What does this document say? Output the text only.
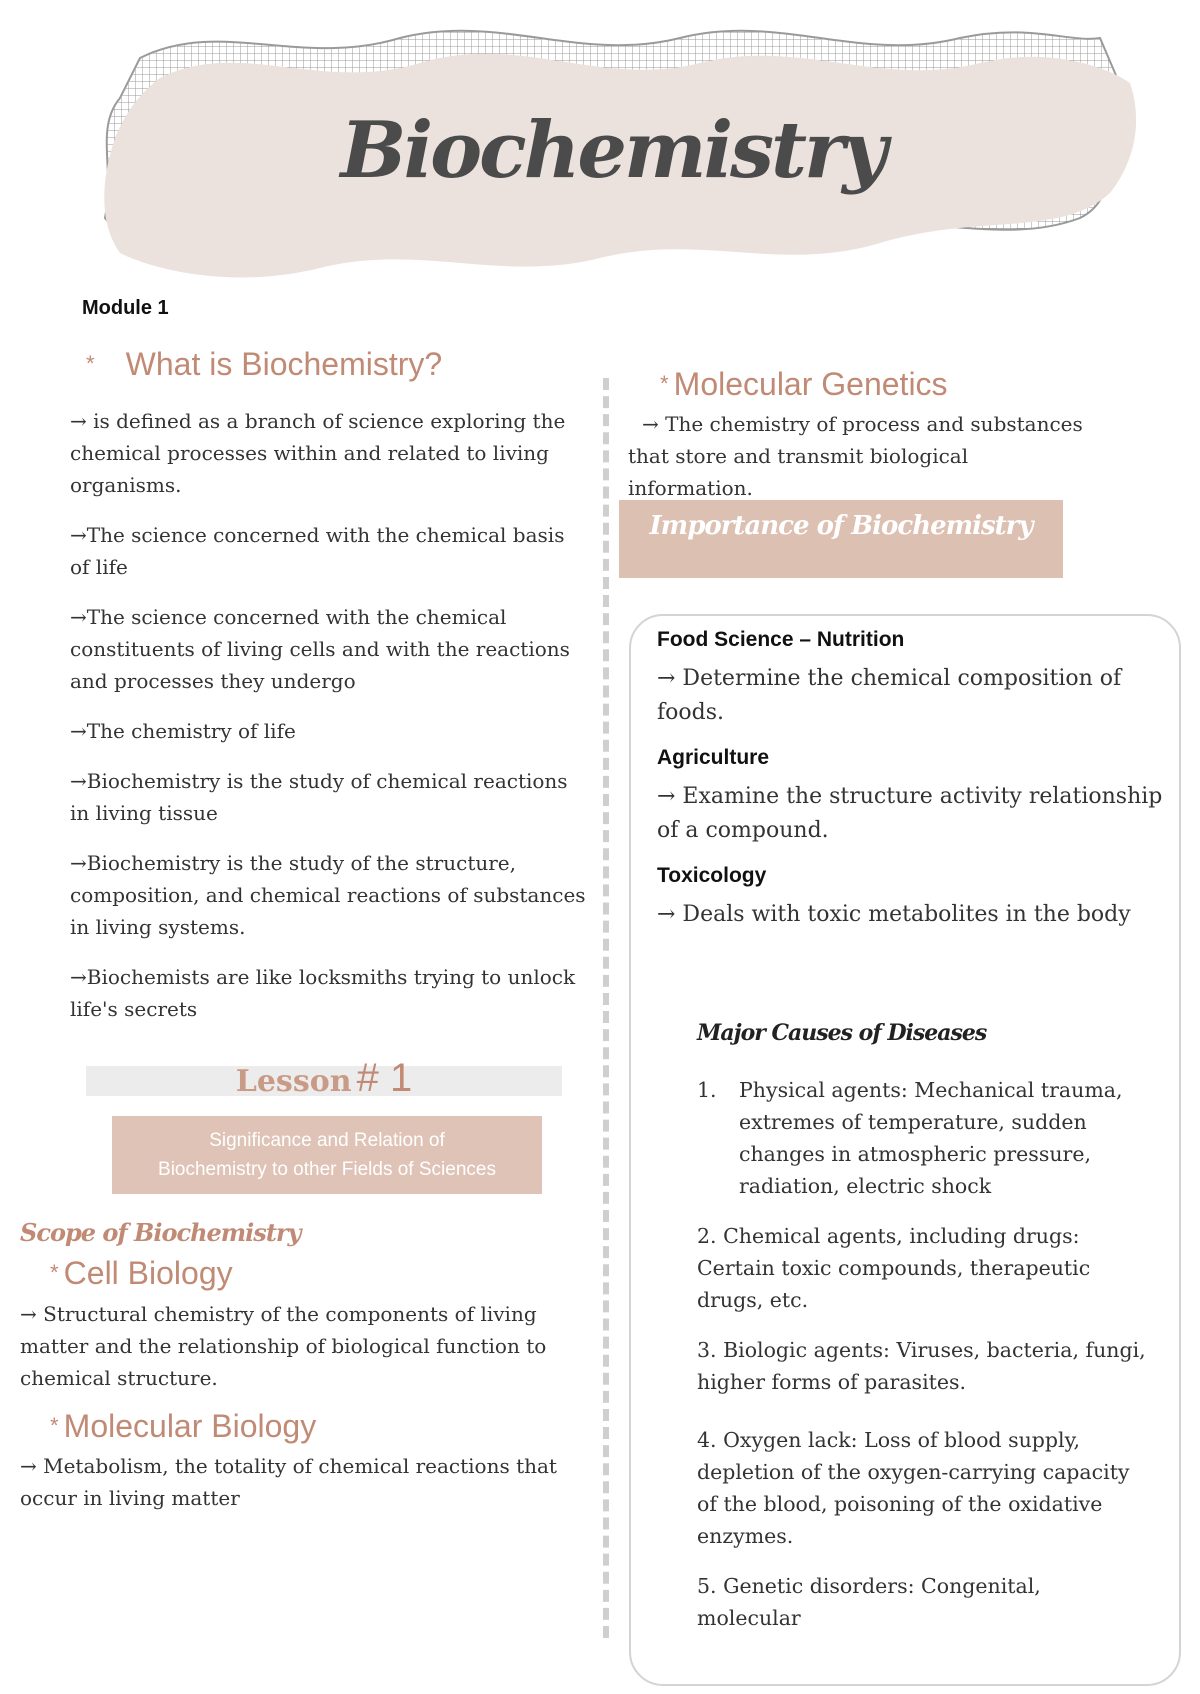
Biochemistry
Module 1
* What is Biochemistry?

→ is defined as a branch of science exploring the chemical processes within and related to living organisms.

→The science concerned with the chemical basis of life

→The science concerned with the chemical constituents of living cells and with the reactions and processes they undergo

→The chemistry of life

→Biochemistry is the study of chemical reactions in living tissue

→Biochemistry is the study of the structure, composition, and chemical reactions of substances in living systems.

→Biochemists are like locksmiths trying to unlock life's secrets

Lesson # 1
Significance and Relation of
Biochemistry to other Fields of Sciences
Scope of Biochemistry
* Cell Biology

→ Structural chemistry of the components of living matter and the relationship of biological function to chemical structure.

* Molecular Biology

→ Metabolism, the totality of chemical reactions that occur in living matter

* Molecular Genetics

→ The chemistry of process and substances that store and transmit biological information.

Importance of Biochemistry

Food Science – Nutrition

→ Determine the chemical composition of foods.

Agriculture

→ Examine the structure activity relationship of a compound.

Toxicology

→ Deals with toxic metabolites in the body

Major Causes of Diseases
1.	Physical agents: Mechanical trauma, extremes of temperature, sudden changes in atmospheric pressure, radiation, electric shock

2. Chemical agents, including drugs: Certain toxic compounds, therapeutic drugs, etc.

3. Biologic agents: Viruses, bacteria, fungi, higher forms of parasites.

4. Oxygen lack: Loss of blood supply, depletion of the oxygen-carrying capacity of the blood, poisoning of the oxidative enzymes.

5. Genetic disorders: Congenital, molecular
